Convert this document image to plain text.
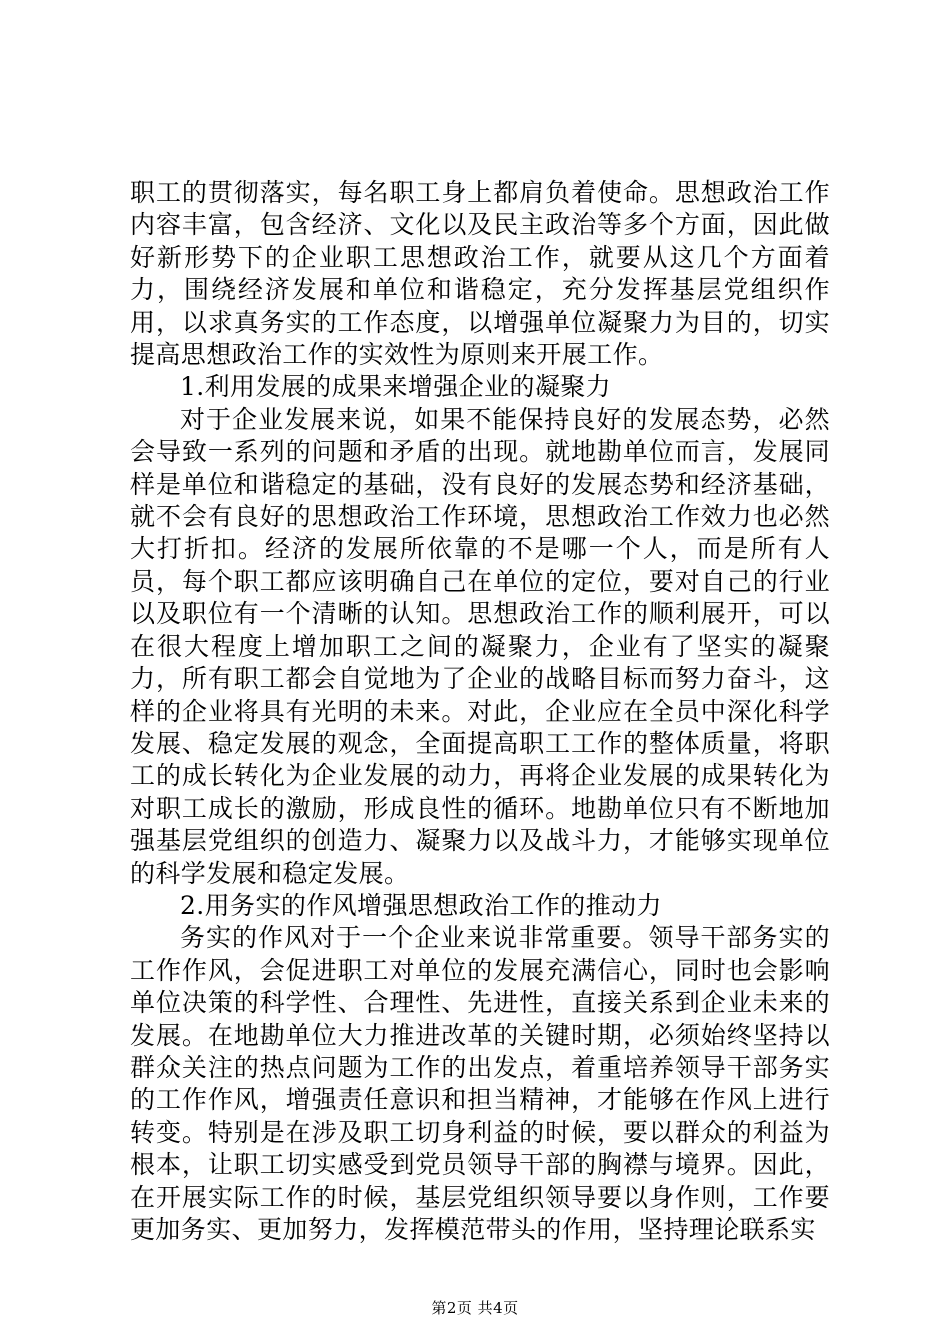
职工的贯彻落实，每名职工身上都肩负着使命。思想政治工作内容丰富，包含经济、文化以及民主政治等多个方面，因此做好新形势下的企业职工思想政治工作，就要从这几个方面着力，围绕经济发展和单位和谐稳定，充分发挥基层党组织作用，以求真务实的工作态度，以增强单位凝聚力为目的，切实提高思想政治工作的实效性为原则来开展工作。

1.利用发展的成果来增强企业的凝聚力

对于企业发展来说，如果不能保持良好的发展态势，必然会导致一系列的问题和矛盾的出现。就地勘单位而言，发展同样是单位和谐稳定的基础，没有良好的发展态势和经济基础，就不会有良好的思想政治工作环境，思想政治工作效力也必然大打折扣。经济的发展所依靠的不是哪一个人，而是所有人员，每个职工都应该明确自己在单位的定位，要对自己的行业以及职位有一个清晰的认知。思想政治工作的顺利展开，可以在很大程度上增加职工之间的凝聚力，企业有了坚实的凝聚力，所有职工都会自觉地为了企业的战略目标而努力奋斗，这样的企业将具有光明的未来。对此，企业应在全员中深化科学发展、稳定发展的观念，全面提高职工工作的整体质量，将职工的成长转化为企业发展的动力，再将企业发展的成果转化为对职工成长的激励，形成良性的循环。地勘单位只有不断地加强基层党组织的创造力、凝聚力以及战斗力，才能够实现单位的科学发展和稳定发展。

2.用务实的作风增强思想政治工作的推动力

务实的作风对于一个企业来说非常重要。领导干部务实的工作作风，会促进职工对单位的发展充满信心，同时也会影响单位决策的科学性、合理性、先进性，直接关系到企业未来的发展。在地勘单位大力推进改革的关键时期，必须始终坚持以群众关注的热点问题为工作的出发点，着重培养领导干部务实的工作作风，增强责任意识和担当精神，才能够在作风上进行转变。特别是在涉及职工切身利益的时候，要以群众的利益为根本，让职工切实感受到党员领导干部的胸襟与境界。因此，在开展实际工作的时候，基层党组织领导要以身作则，工作要更加务实、更加努力，发挥模范带头的作用，坚持理论联系实

第2页 共4页
